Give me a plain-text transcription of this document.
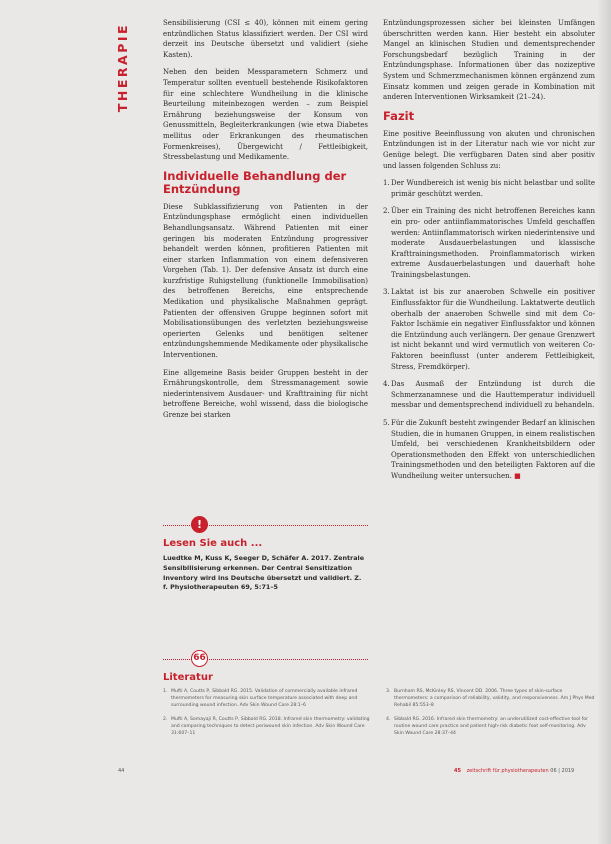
THERAPIE	Sensibilisierung (CSI ≤ 40), können mit einem gering entzündlichen Status klassifiziert werden. Der CSI wird derzeit ins Deutsche übersetzt und validiert (siehe Kasten).

Neben den beiden Messparametern Schmerz und Temperatur sollten eventuell bestehende Risikofaktoren für eine schlechtere Wundheilung in die klinische Beurteilung miteinbezogen werden – zum Beispiel Ernährung beziehungsweise der Konsum von Genussmitteln, Begleiterkrankungen (wie etwa Diabetes mellitus oder Erkrankungen des rheumatischen Formenkreises), Übergewicht / Fettleibigkeit, Stressbelastung und Medikamente.

Individuelle Behandlung der Entzündung

Diese Subklassifizierung von Patienten in der Entzündungsphase ermöglicht einen individuellen Behandlungsansatz. Während Patienten mit einer geringen bis moderaten Entzündung progressiver behandelt werden können, profitieren Patienten mit einer starken Inflammation von einem defensiveren Vorgehen (Tab. 1). Der defensive Ansatz ist durch eine kurzfristige Ruhigstellung (funktionelle Immobilisation) des betroffenen Bereichs, eine entsprechende Medikation und physikalische Maßnahmen geprägt. Patienten der offensiven Gruppe beginnen sofort mit Mobilisationsübungen des verletzten beziehungsweise operierten Gelenks und benötigen seltener entzündungshemmende Medikamente oder physikalische Interventionen.

Eine allgemeine Basis beider Gruppen besteht in der Ernährungskontrolle, dem Stressmanagement sowie niederintensivem Ausdauer- und Krafttraining für nicht betroffene Bereiche, wohl wissend, dass die biologische Grenze bei starken

!
Lesen Sie auch ...

Luedtke M, Kuss K, Seeger D, Schäfer A. 2017. Zentrale Sensibilisierung erkennen. Der Central Sensitization Inventory wird ins Deutsche übersetzt und validiert. Z. f. Physiotherapeuten 69, 5:71–5

Entzündungsprozessen sicher bei kleinsten Umfängen überschritten werden kann. Hier besteht ein absoluter Mangel an klinischen Studien und dementsprechender Forschungsbedarf bezüglich Training in der Entzündungsphase. Informationen über das nozizeptive System und Schmerzmechanismen können ergänzend zum Einsatz kommen und zeigen gerade in Kombination mit anderen Interventionen Wirksamkeit (21–24).

Fazit

Eine positive Beeinflussung von akuten und chronischen Entzündungen ist in der Literatur nach wie vor nicht zur Genüge belegt. Die verfügbaren Daten sind aber positiv und lassen folgenden Schluss zu:

1. Der Wundbereich ist wenig bis nicht belastbar und sollte primär geschützt werden.
2. Über ein Training des nicht betroffenen Bereiches kann ein pro- oder antiinflammatorisches Umfeld geschaffen werden: Antiinflammatorisch wirken niederintensive und moderate Ausdauerbelastungen und klassische Krafttrainingsmethoden. Proinflammatorisch wirken extreme Ausdauerbelastungen und dauerhaft hohe Trainingsbelastungen.
3. Laktat ist bis zur anaeroben Schwelle ein positiver Einflussfaktor für die Wundheilung. Laktatwerte deutlich oberhalb der anaeroben Schwelle sind mit dem Co-Faktor Ischämie ein negativer Einflussfaktor und können die Entzündung auch verlängern. Der genaue Grenzwert ist nicht bekannt und wird vermutlich von weiteren Co-Faktoren beeinflusst (unter anderem Fettleibigkeit, Stress, Fremdkörper).
4. Das Ausmaß der Entzündung ist durch die Schmerzanamnese und die Hauttemperatur individuell messbar und dementsprechend individuell zu behandeln.
5. Für die Zukunft besteht zwingender Bedarf an klinischen Studien, die in humanen Gruppen, in einem realistischen Umfeld, bei verschiedenen Krankheitsbildern oder Operationsmethoden den Effekt von unterschiedlichen Trainingsmethoden und den beteiligten Faktoren auf die Wundheilung weiter untersuchen. ■
66
Literatur
1. Mufti A, Coutts P, Sibbald RG. 2015. Validation of commercially available infrared thermometers for measuring skin surface temperature associated with deep and surrounding wound infection. Adv Skin Wound Care 28:1–6
2. Mufti A, Somayaji R, Coutts P, Sibbald RG. 2018. Infrared skin thermometry: validating and comparing techniques to detect periwound skin infection. Adv Skin Wound Care 31:607–11
3. Burnham RS, McKinley RS, Vincent DD. 2006. Three types of skin-surface thermometers: a comparison of reliability, validity, and responsiveness. Am J Phys Med Rehabil 85:553–8
4. Sibbald RG. 2016. Infrared skin thermometry: an underutilized cost-effective tool for routine wound care practice and patient high-risk diabetic foot self-monitoring. Adv Skin Wound Care 28:37–44
44	45 zeitschrift für physiotherapeuten 06 | 2019
